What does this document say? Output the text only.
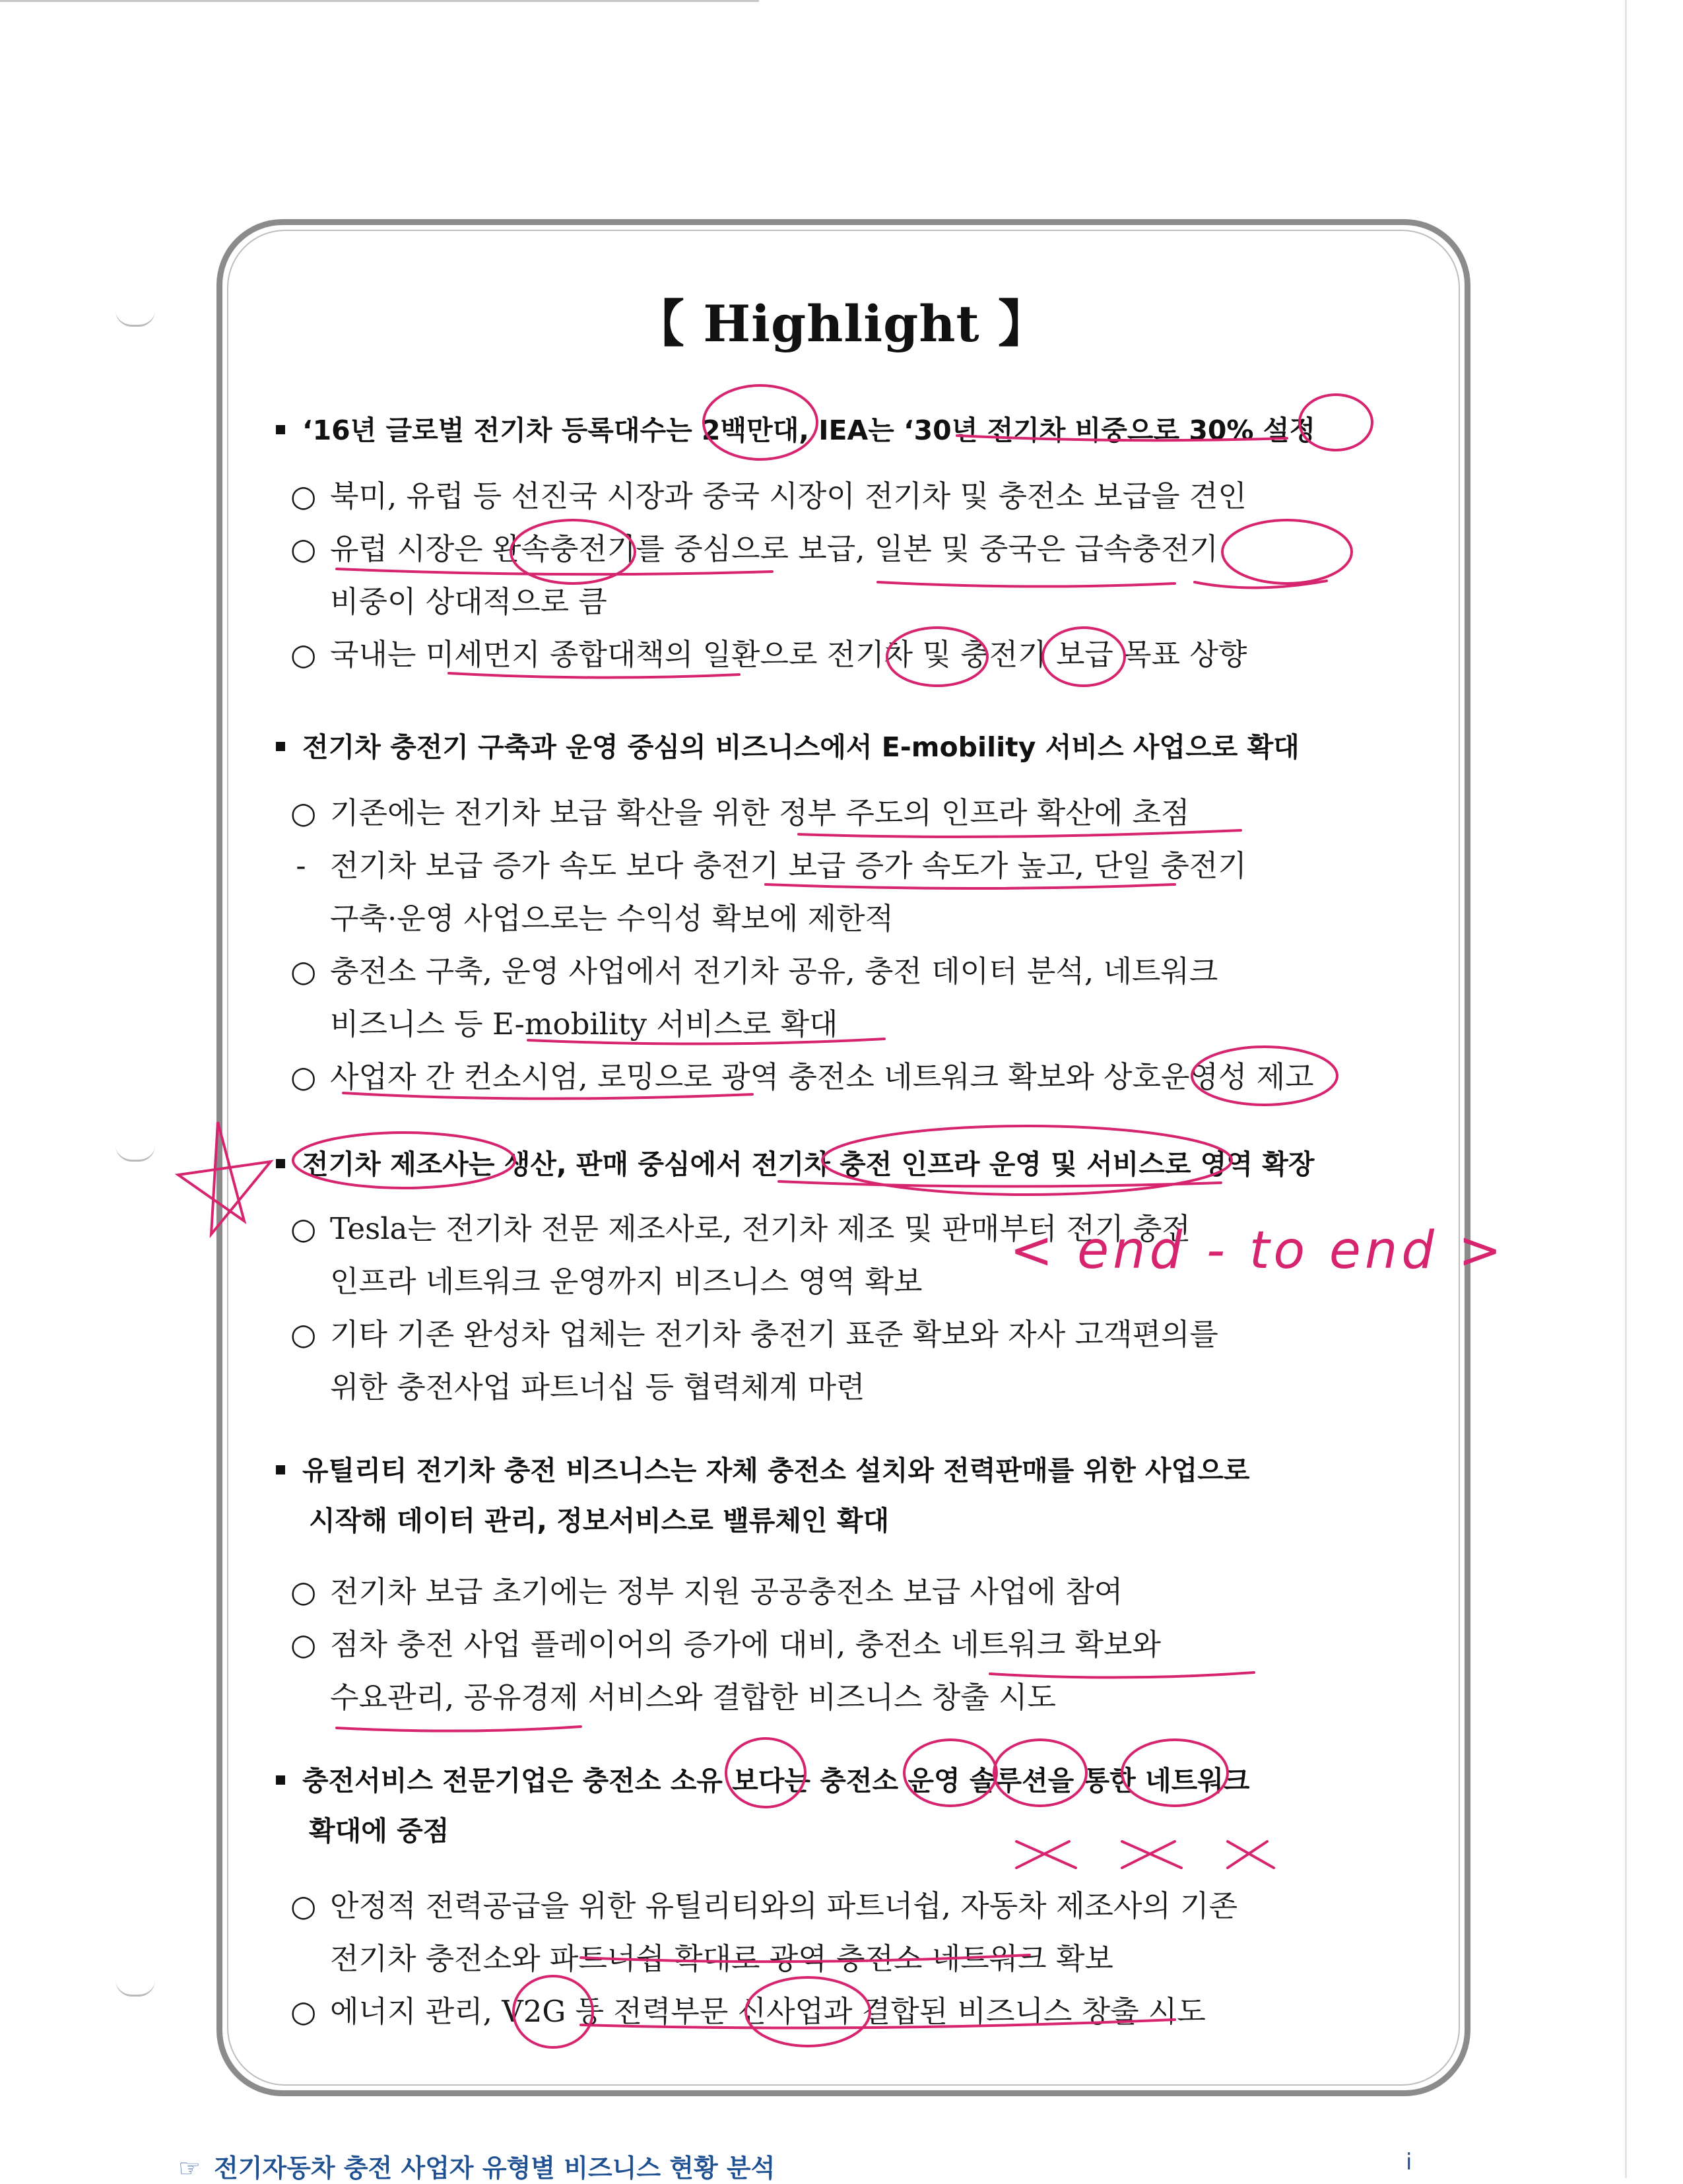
【 Highlight 】
‘16년 글로벌 전기차 등록대수는 2백만대, IEA는 ‘30년 전기차 비중으로 30% 설정
○ 북미, 유럽 등 선진국 시장과 중국 시장이 전기차 및 충전소 보급을 견인
○ 유럽 시장은 완속충전기를 중심으로 보급, 일본 및 중국은 급속충전기
비중이 상대적으로 큼
○ 국내는 미세먼지 종합대책의 일환으로 전기차 및 충전기 보급 목표 상향
전기차 충전기 구축과 운영 중심의 비즈니스에서 E-mobility 서비스 사업으로 확대
○ 기존에는 전기차 보급 확산을 위한 정부 주도의 인프라 확산에 초점
- 전기차 보급 증가 속도 보다 충전기 보급 증가 속도가 높고, 단일 충전기
구축·운영 사업으로는 수익성 확보에 제한적
○ 충전소 구축, 운영 사업에서 전기차 공유, 충전 데이터 분석, 네트워크
비즈니스 등 E-mobility 서비스로 확대
○ 사업자 간 컨소시엄, 로밍으로 광역 충전소 네트워크 확보와 상호운영성 제고
전기차 제조사는 생산, 판매 중심에서 전기차 충전 인프라 운영 및 서비스로 영역 확장
○ Tesla는 전기차 전문 제조사로, 전기차 제조 및 판매부터 전기 충전
인프라 네트워크 운영까지 비즈니스 영역 확보
○ 기타 기존 완성차 업체는 전기차 충전기 표준 확보와 자사 고객편의를
위한 충전사업 파트너십 등 협력체계 마련
유틸리티 전기차 충전 비즈니스는 자체 충전소 설치와 전력판매를 위한 사업으로
시작해 데이터 관리, 정보서비스로 밸류체인 확대
○ 전기차 보급 초기에는 정부 지원 공공충전소 보급 사업에 참여
○ 점차 충전 사업 플레이어의 증가에 대비, 충전소 네트워크 확보와
수요관리, 공유경제 서비스와 결합한 비즈니스 창출 시도
충전서비스 전문기업은 충전소 소유 보다는 충전소 운영 솔루션을 통한 네트워크
확대에 중점
○ 안정적 전력공급을 위한 유틸리티와의 파트너쉽, 자동차 제조사의 기존
전기차 충전소와 파트너쉽 확대로 광역 충전소 네트워크 확보
○ 에너지 관리, V2G 등 전력부문 신사업과 결합된 비즈니스 창출 시도
< end - to end >
☞ 전기자동차 충전 사업자 유형별 비즈니스 현황 분석	i
